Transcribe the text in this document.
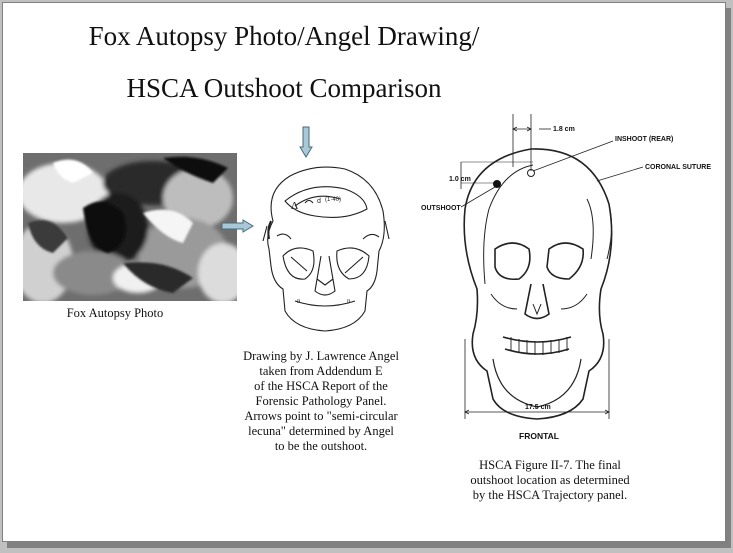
Fox Autopsy Photo/Angel Drawing/
HSCA Outshoot Comparison
Fox Autopsy Photo
Δ	d (1·40)
n	n
Drawing by J. Lawrence Angel
taken from Addendum E
of the HSCA Report of the
Forensic Pathology Panel.
Arrows point to "semi-circular
lecuna" determined by Angel
to be the outshoot.
1.8 cm
1.0 cm
INSHOOT (REAR)
CORONAL SUTURE
OUTSHOOT
17.5 cm
FRONTAL
HSCA Figure II-7. The final
outshoot location as determined
by the HSCA Trajectory panel.
